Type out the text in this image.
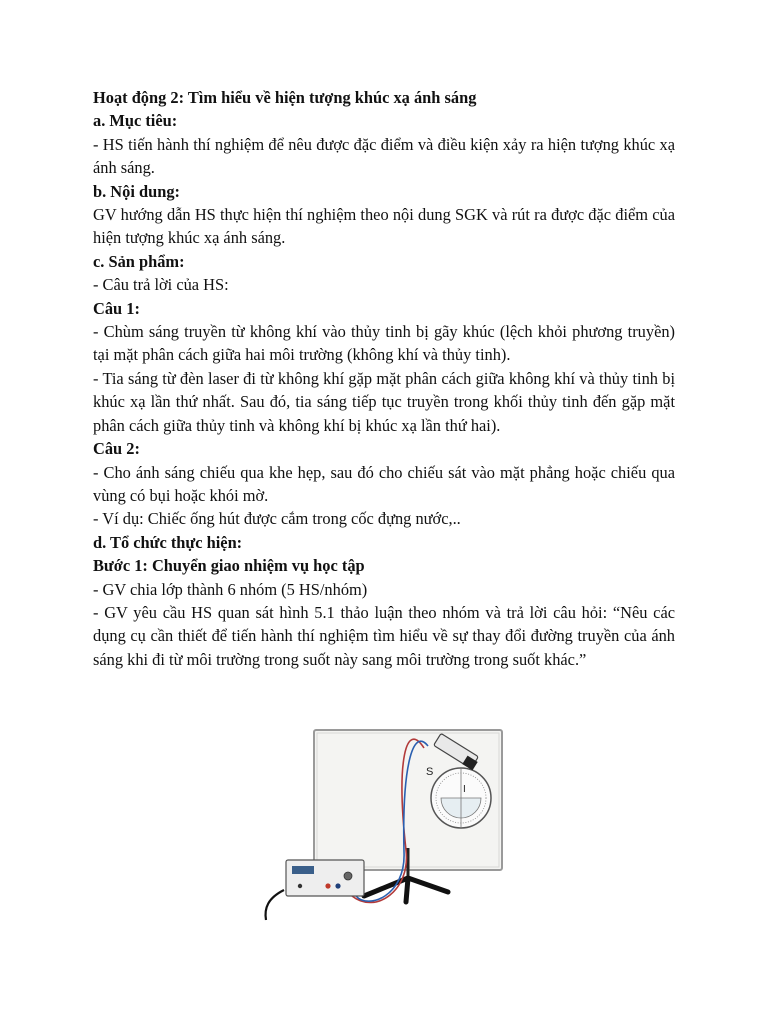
Hoạt động 2: Tìm hiểu về hiện tượng khúc xạ ánh sáng

a. Mục tiêu:

- HS tiến hành thí nghiệm để nêu được đặc điểm và điều kiện xảy ra hiện tượng khúc xạ ánh sáng.

b. Nội dung:

GV hướng dẫn HS thực hiện thí nghiệm theo nội dung SGK và rút ra được đặc điểm của hiện tượng khúc xạ ánh sáng.

c. Sản phẩm:

- Câu trả lời của HS:

Câu 1:

- Chùm sáng truyền từ không khí vào thủy tinh bị gãy khúc (lệch khỏi phương truyền) tại mặt phân cách giữa hai môi trường (không khí và thủy tinh).

- Tia sáng từ đèn laser đi từ không khí gặp mặt phân cách giữa không khí và thủy tinh bị khúc xạ lần thứ nhất. Sau đó, tia sáng tiếp tục truyền trong khối thủy tinh đến gặp mặt phân cách giữa thủy tinh và không khí bị khúc xạ lần thứ hai).

Câu 2:

- Cho ánh sáng chiếu qua khe hẹp, sau đó cho chiếu sát vào mặt phẳng hoặc chiếu qua vùng có bụi hoặc khói mờ.

- Ví dụ: Chiếc ống hút được cắm trong cốc đựng nước,..

d. Tổ chức thực hiện:

Bước 1: Chuyển giao nhiệm vụ học tập

- GV chia lớp thành 6 nhóm (5 HS/nhóm)

- GV yêu cầu HS quan sát hình 5.1 thảo luận theo nhóm và trả lời câu hỏi: “Nêu các dụng cụ cần thiết để tiến hành thí nghiệm tìm hiểu về sự thay đổi đường truyền của ánh sáng khi đi từ môi trường trong suốt này sang môi trường trong suốt khác.”

S
I
